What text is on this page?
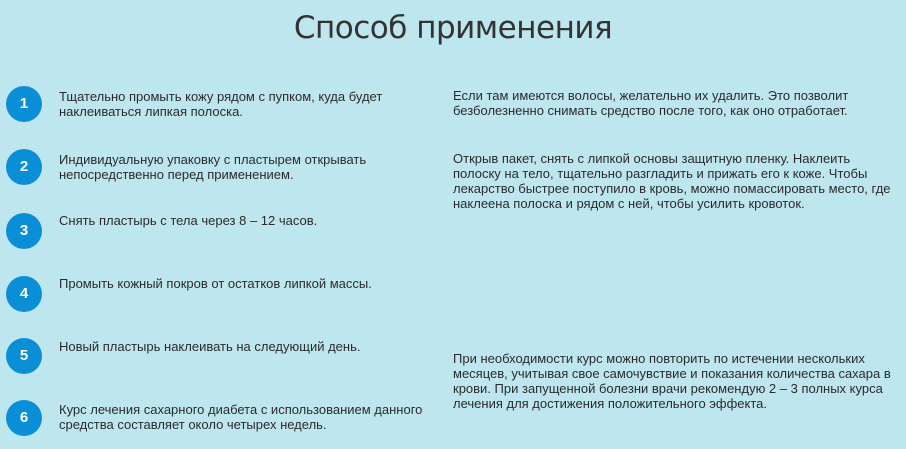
Способ применения
1	Тщательно промыть кожу рядом с пупком, куда будет наклеиваться липкая полоска.
2	Индивидуальную упаковку с пластырем открывать непосредственно перед применением.
3
Снять пластырь с тела через 8 – 12 часов.
4
Промыть кожный покров от остатков липкой массы.
5
Новый пластырь наклеивать на следующий день.
6	Курс лечения сахарного диабета с использованием данного средства составляет около четырех недель.
Если там имеются волосы, желательно их удалить. Это позволит безболезненно снимать средство после того, как оно отработает.
Открыв пакет, снять с липкой основы защитную пленку. Наклеить полоску на тело, тщательно разгладить и прижать его к коже. Чтобы лекарство быстрее поступило в кровь, можно помассировать место, где наклеена полоска и рядом с ней, чтобы усилить кровоток.
При необходимости курс можно повторить по истечении нескольких месяцев, учитывая свое самочувствие и показания количества сахара в крови. При запущенной болезни врачи рекомендую 2 – 3 полных курса лечения для достижения положительного эффекта.
